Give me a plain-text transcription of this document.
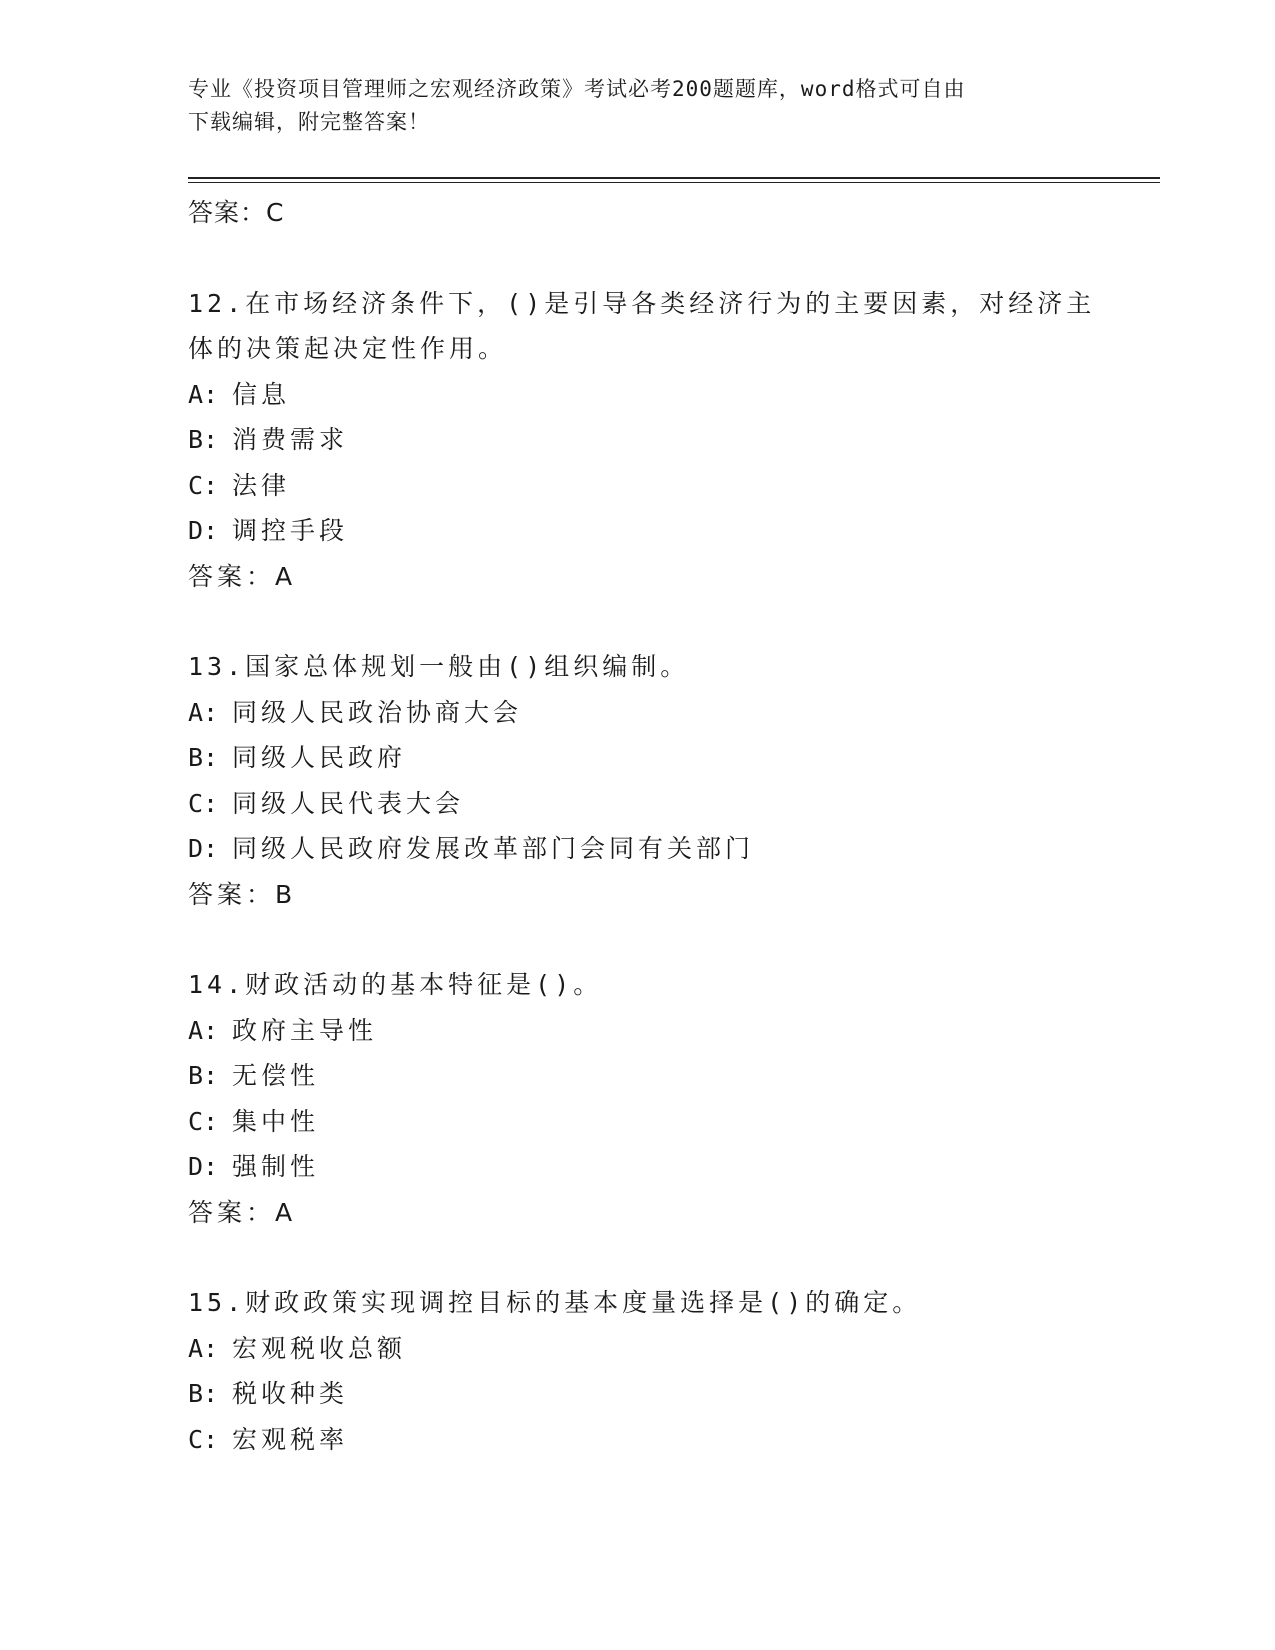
专业《投资项目管理师之宏观经济政策》考试必考200题题库，word格式可自由

下载编辑，附完整答案！

答案：C
12.在市场经济条件下，()是引导各类经济行为的主要因素，对经济主
体的决策起决定性作用。
A: 信息
B: 消费需求
C: 法律
D: 调控手段
答案：A
13.国家总体规划一般由()组织编制。
A: 同级人民政治协商大会
B: 同级人民政府
C: 同级人民代表大会
D: 同级人民政府发展改革部门会同有关部门
答案：B
14.财政活动的基本特征是()。
A: 政府主导性
B: 无偿性
C: 集中性
D: 强制性
答案：A
15.财政政策实现调控目标的基本度量选择是()的确定。
A: 宏观税收总额
B: 税收种类
C: 宏观税率
